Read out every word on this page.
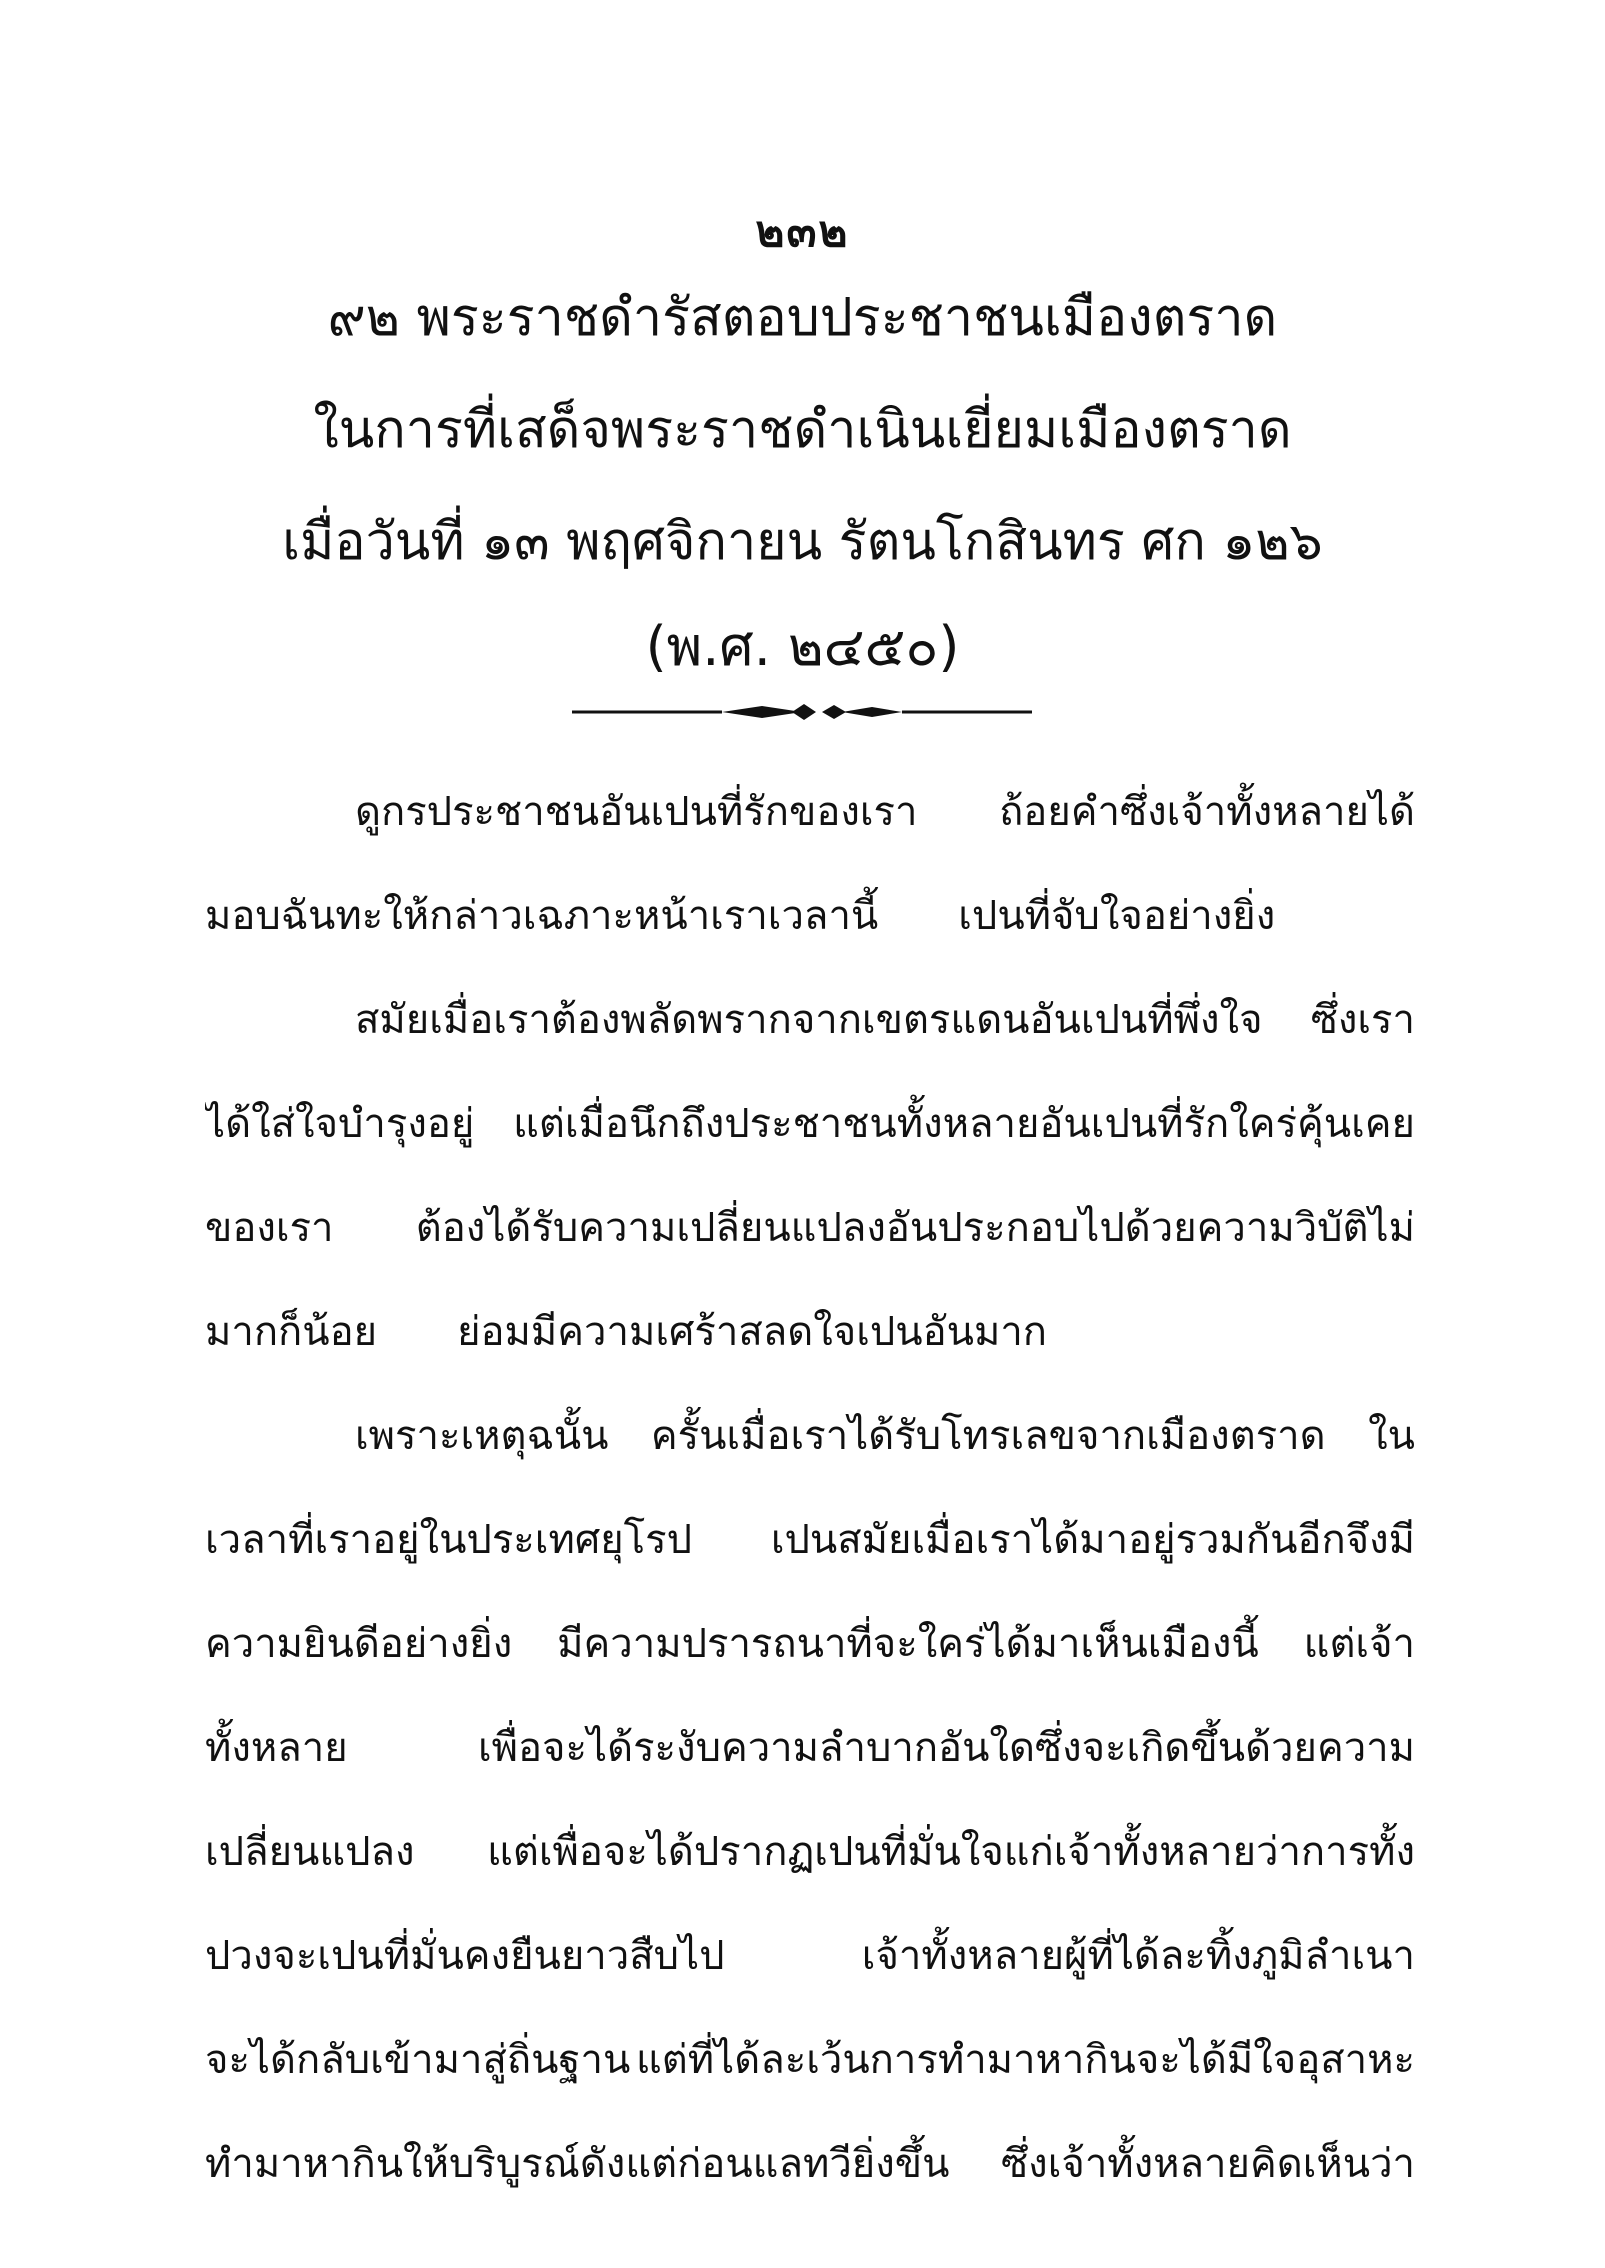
๒๓๒
๙๒ พระราชดำรัสตอบประชาชนเมืองตราด
ในการที่เสด็จพระราชดำเนินเยี่ยมเมืองตราด
เมื่อวันที่ ๑๓ พฤศจิกายน รัตนโกสินทร ศก ๑๒๖
(พ.ศ. ๒๔๕๐)
ดูกรประชาชนอันเปนที่รักของเรา ถ้อยคำซึ่งเจ้าทั้งหลายได้
มอบฉันทะให้กล่าวเฉภาะหน้าเราเวลานี้ เปนที่จับใจอย่างยิ่ง
สมัยเมื่อเราต้องพลัดพรากจากเขตรแดนอันเปนที่พึ่งใจ ซึ่งเรา
ได้ใส่ใจบำรุงอยู่ แต่เมื่อนึกถึงประชาชนทั้งหลายอันเปนที่รักใคร่คุ้นเคย
ของเรา ต้องได้รับความเปลี่ยนแปลงอันประกอบไปด้วยความวิบัติไม่
มากก็น้อย ย่อมมีความเศร้าสลดใจเปนอันมาก
เพราะเหตุฉนั้น ครั้นเมื่อเราได้รับโทรเลขจากเมืองตราด ใน
เวลาที่เราอยู่ในประเทศยุโรป เปนสมัยเมื่อเราได้มาอยู่รวมกันอีกจึงมี
ความยินดีอย่างยิ่ง มีความปรารถนาที่จะใคร่ได้มาเห็นเมืองนี้ แต่เจ้า
ทั้งหลาย	เพื่อจะได้ระงับความลำบากอันใดซึ่งจะเกิดขึ้นด้วยความ
เปลี่ยนแปลง แต่เพื่อจะได้ปรากฏเปนที่มั่นใจแก่เจ้าทั้งหลายว่าการทั้ง
ปวงจะเปนที่มั่นคงยืนยาวสืบไป	เจ้าทั้งหลายผู้ที่ได้ละทิ้งภูมิลำเนา
จะได้กลับเข้ามาสู่ถิ่นฐาน แต่ที่ได้ละเว้นการทำมาหากินจะได้มีใจอุสาหะ
ทำมาหากินให้บริบูรณ์ดังแต่ก่อนแลทวียิ่งขึ้น ซึ่งเจ้าทั้งหลายคิดเห็นว่า
